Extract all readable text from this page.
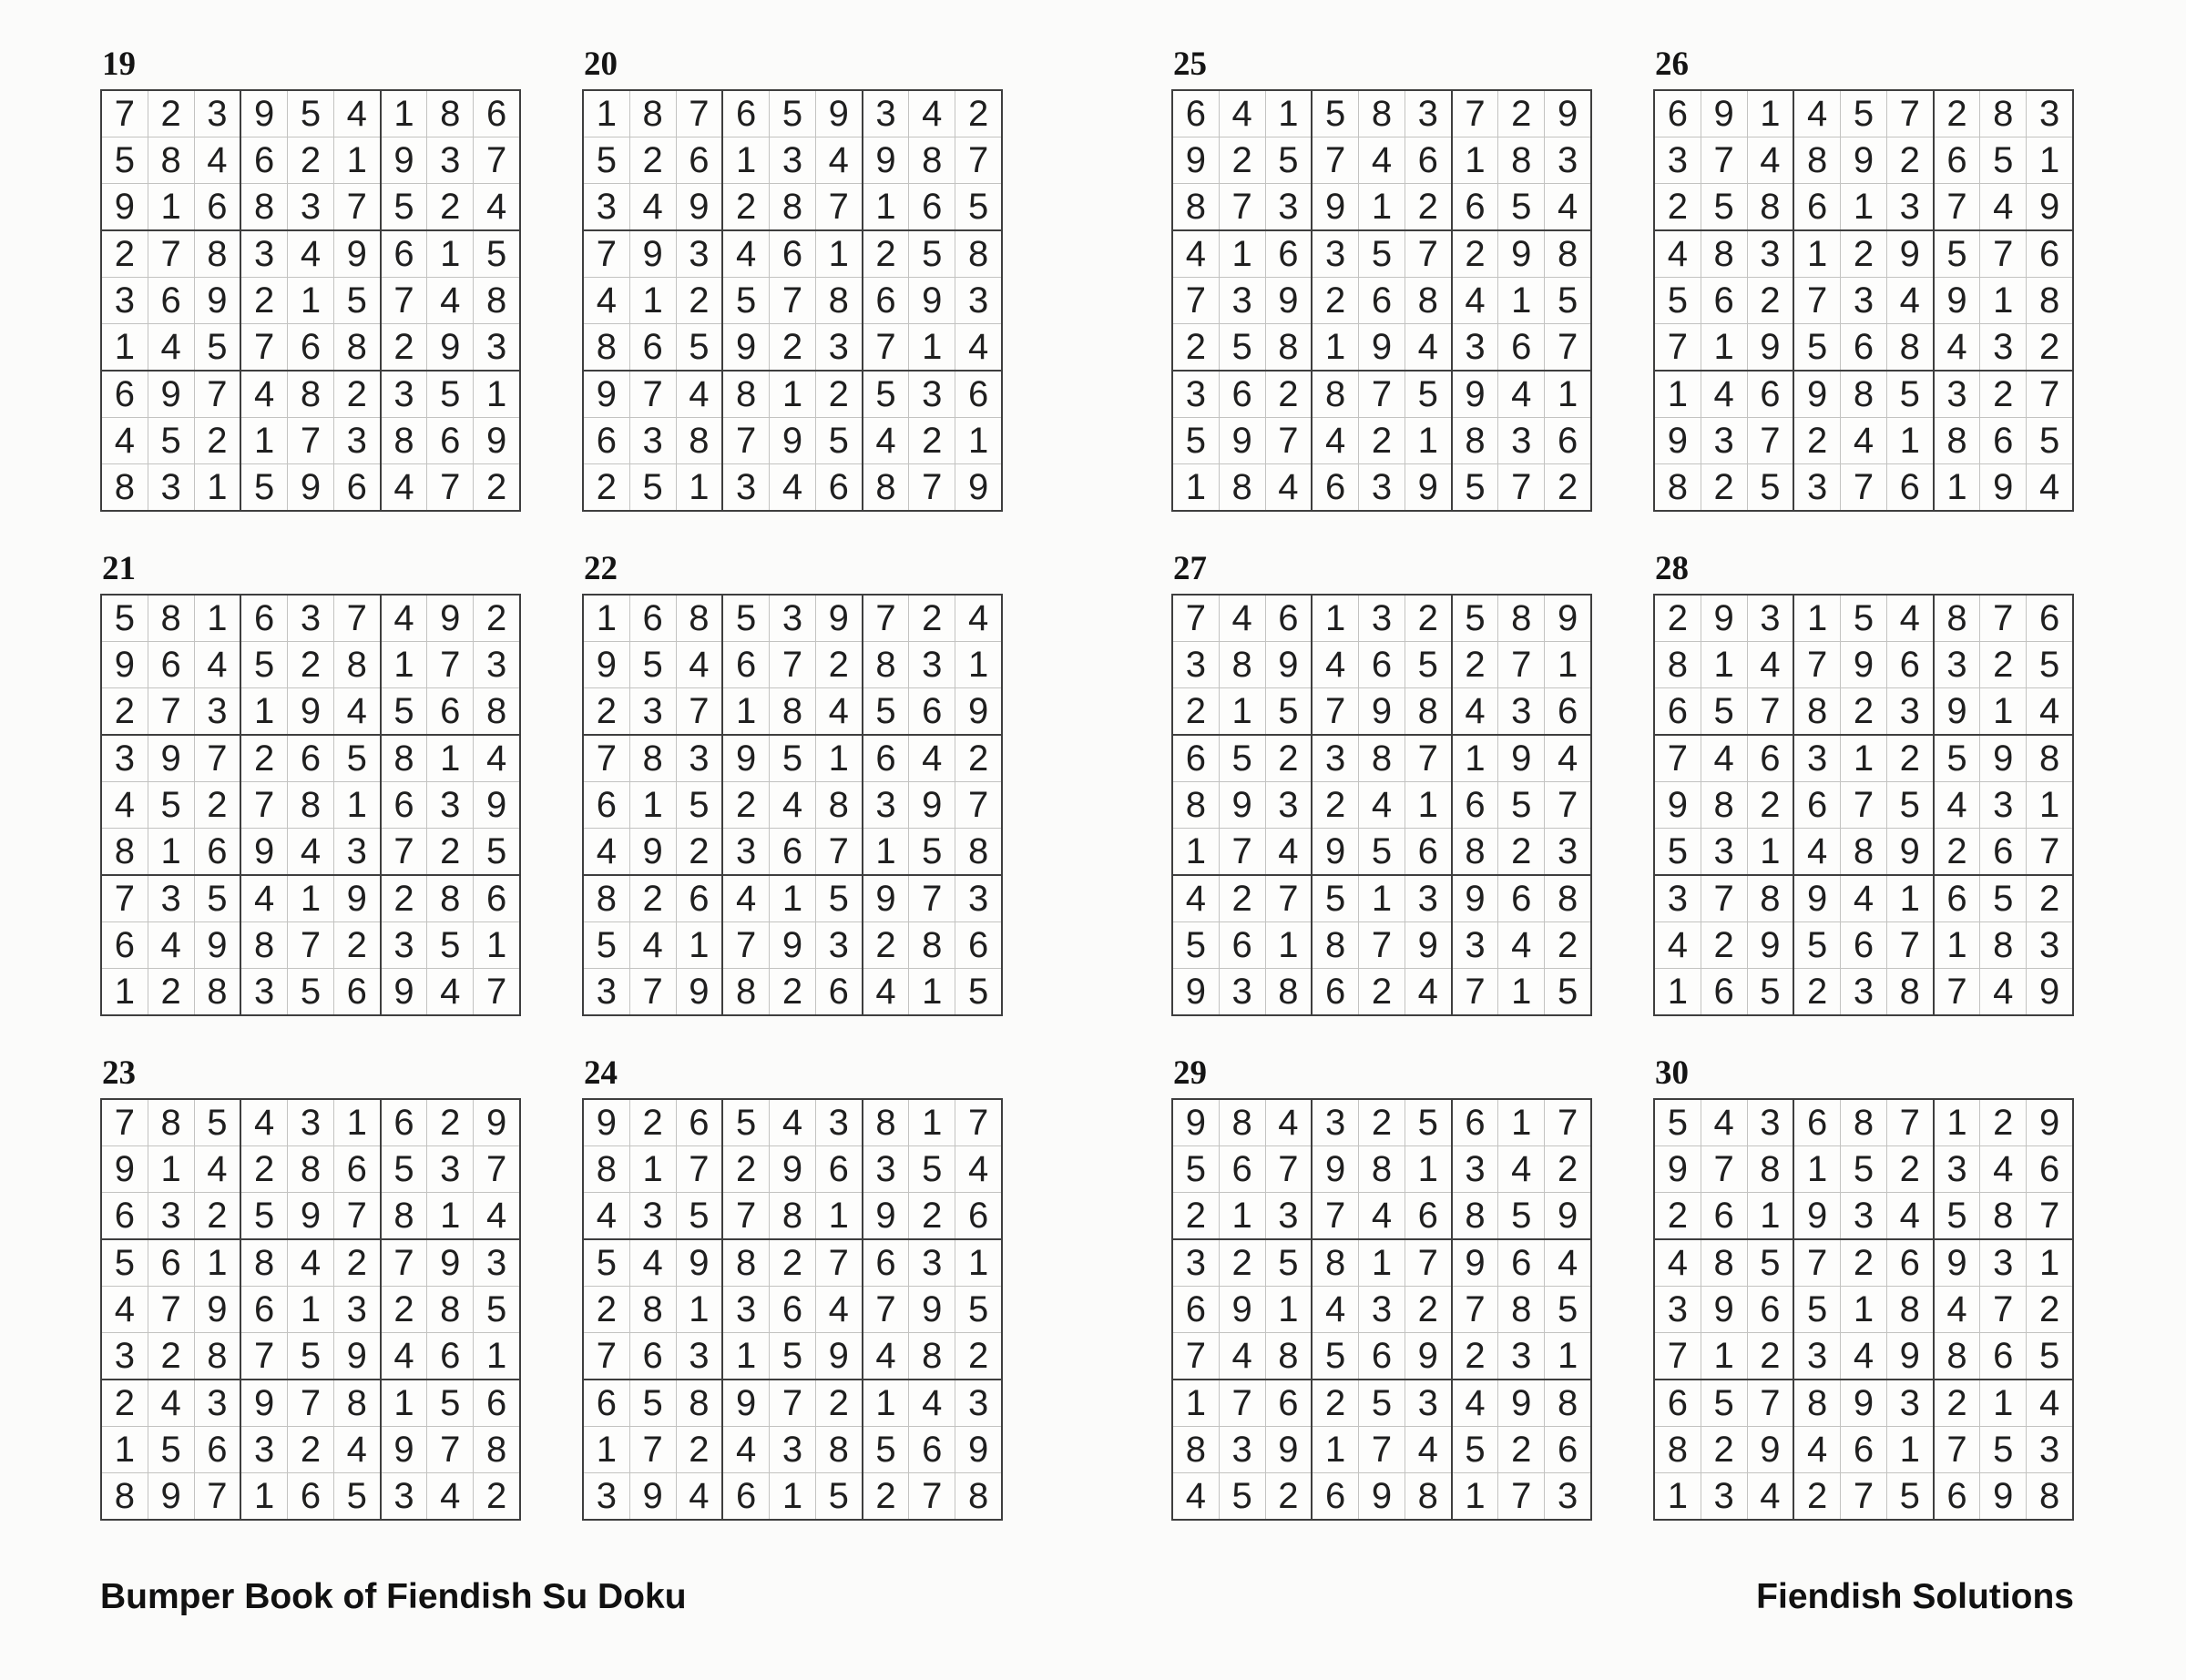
19
7	2	3	9	5	4	1	8	6
5	8	4	6	2	1	9	3	7
9	1	6	8	3	7	5	2	4
2	7	8	3	4	9	6	1	5
3	6	9	2	1	5	7	4	8
1	4	5	7	6	8	2	9	3
6	9	7	4	8	2	3	5	1
4	5	2	1	7	3	8	6	9
8	3	1	5	9	6	4	7	2
20
1	8	7	6	5	9	3	4	2
5	2	6	1	3	4	9	8	7
3	4	9	2	8	7	1	6	5
7	9	3	4	6	1	2	5	8
4	1	2	5	7	8	6	9	3
8	6	5	9	2	3	7	1	4
9	7	4	8	1	2	5	3	6
6	3	8	7	9	5	4	2	1
2	5	1	3	4	6	8	7	9
21
5	8	1	6	3	7	4	9	2
9	6	4	5	2	8	1	7	3
2	7	3	1	9	4	5	6	8
3	9	7	2	6	5	8	1	4
4	5	2	7	8	1	6	3	9
8	1	6	9	4	3	7	2	5
7	3	5	4	1	9	2	8	6
6	4	9	8	7	2	3	5	1
1	2	8	3	5	6	9	4	7
22
1	6	8	5	3	9	7	2	4
9	5	4	6	7	2	8	3	1
2	3	7	1	8	4	5	6	9
7	8	3	9	5	1	6	4	2
6	1	5	2	4	8	3	9	7
4	9	2	3	6	7	1	5	8
8	2	6	4	1	5	9	7	3
5	4	1	7	9	3	2	8	6
3	7	9	8	2	6	4	1	5
23
7	8	5	4	3	1	6	2	9
9	1	4	2	8	6	5	3	7
6	3	2	5	9	7	8	1	4
5	6	1	8	4	2	7	9	3
4	7	9	6	1	3	2	8	5
3	2	8	7	5	9	4	6	1
2	4	3	9	7	8	1	5	6
1	5	6	3	2	4	9	7	8
8	9	7	1	6	5	3	4	2
24
9	2	6	5	4	3	8	1	7
8	1	7	2	9	6	3	5	4
4	3	5	7	8	1	9	2	6
5	4	9	8	2	7	6	3	1
2	8	1	3	6	4	7	9	5
7	6	3	1	5	9	4	8	2
6	5	8	9	7	2	1	4	3
1	7	2	4	3	8	5	6	9
3	9	4	6	1	5	2	7	8
25
6	4	1	5	8	3	7	2	9
9	2	5	7	4	6	1	8	3
8	7	3	9	1	2	6	5	4
4	1	6	3	5	7	2	9	8
7	3	9	2	6	8	4	1	5
2	5	8	1	9	4	3	6	7
3	6	2	8	7	5	9	4	1
5	9	7	4	2	1	8	3	6
1	8	4	6	3	9	5	7	2
26
6	9	1	4	5	7	2	8	3
3	7	4	8	9	2	6	5	1
2	5	8	6	1	3	7	4	9
4	8	3	1	2	9	5	7	6
5	6	2	7	3	4	9	1	8
7	1	9	5	6	8	4	3	2
1	4	6	9	8	5	3	2	7
9	3	7	2	4	1	8	6	5
8	2	5	3	7	6	1	9	4
27
7	4	6	1	3	2	5	8	9
3	8	9	4	6	5	2	7	1
2	1	5	7	9	8	4	3	6
6	5	2	3	8	7	1	9	4
8	9	3	2	4	1	6	5	7
1	7	4	9	5	6	8	2	3
4	2	7	5	1	3	9	6	8
5	6	1	8	7	9	3	4	2
9	3	8	6	2	4	7	1	5
28
2	9	3	1	5	4	8	7	6
8	1	4	7	9	6	3	2	5
6	5	7	8	2	3	9	1	4
7	4	6	3	1	2	5	9	8
9	8	2	6	7	5	4	3	1
5	3	1	4	8	9	2	6	7
3	7	8	9	4	1	6	5	2
4	2	9	5	6	7	1	8	3
1	6	5	2	3	8	7	4	9
29
9	8	4	3	2	5	6	1	7
5	6	7	9	8	1	3	4	2
2	1	3	7	4	6	8	5	9
3	2	5	8	1	7	9	6	4
6	9	1	4	3	2	7	8	5
7	4	8	5	6	9	2	3	1
1	7	6	2	5	3	4	9	8
8	3	9	1	7	4	5	2	6
4	5	2	6	9	8	1	7	3
30
5	4	3	6	8	7	1	2	9
9	7	8	1	5	2	3	4	6
2	6	1	9	3	4	5	8	7
4	8	5	7	2	6	9	3	1
3	9	6	5	1	8	4	7	2
7	1	2	3	4	9	8	6	5
6	5	7	8	9	3	2	1	4
8	2	9	4	6	1	7	5	3
1	3	4	2	7	5	6	9	8
Bumper Book of Fiendish Su Doku	Fiendish Solutions
